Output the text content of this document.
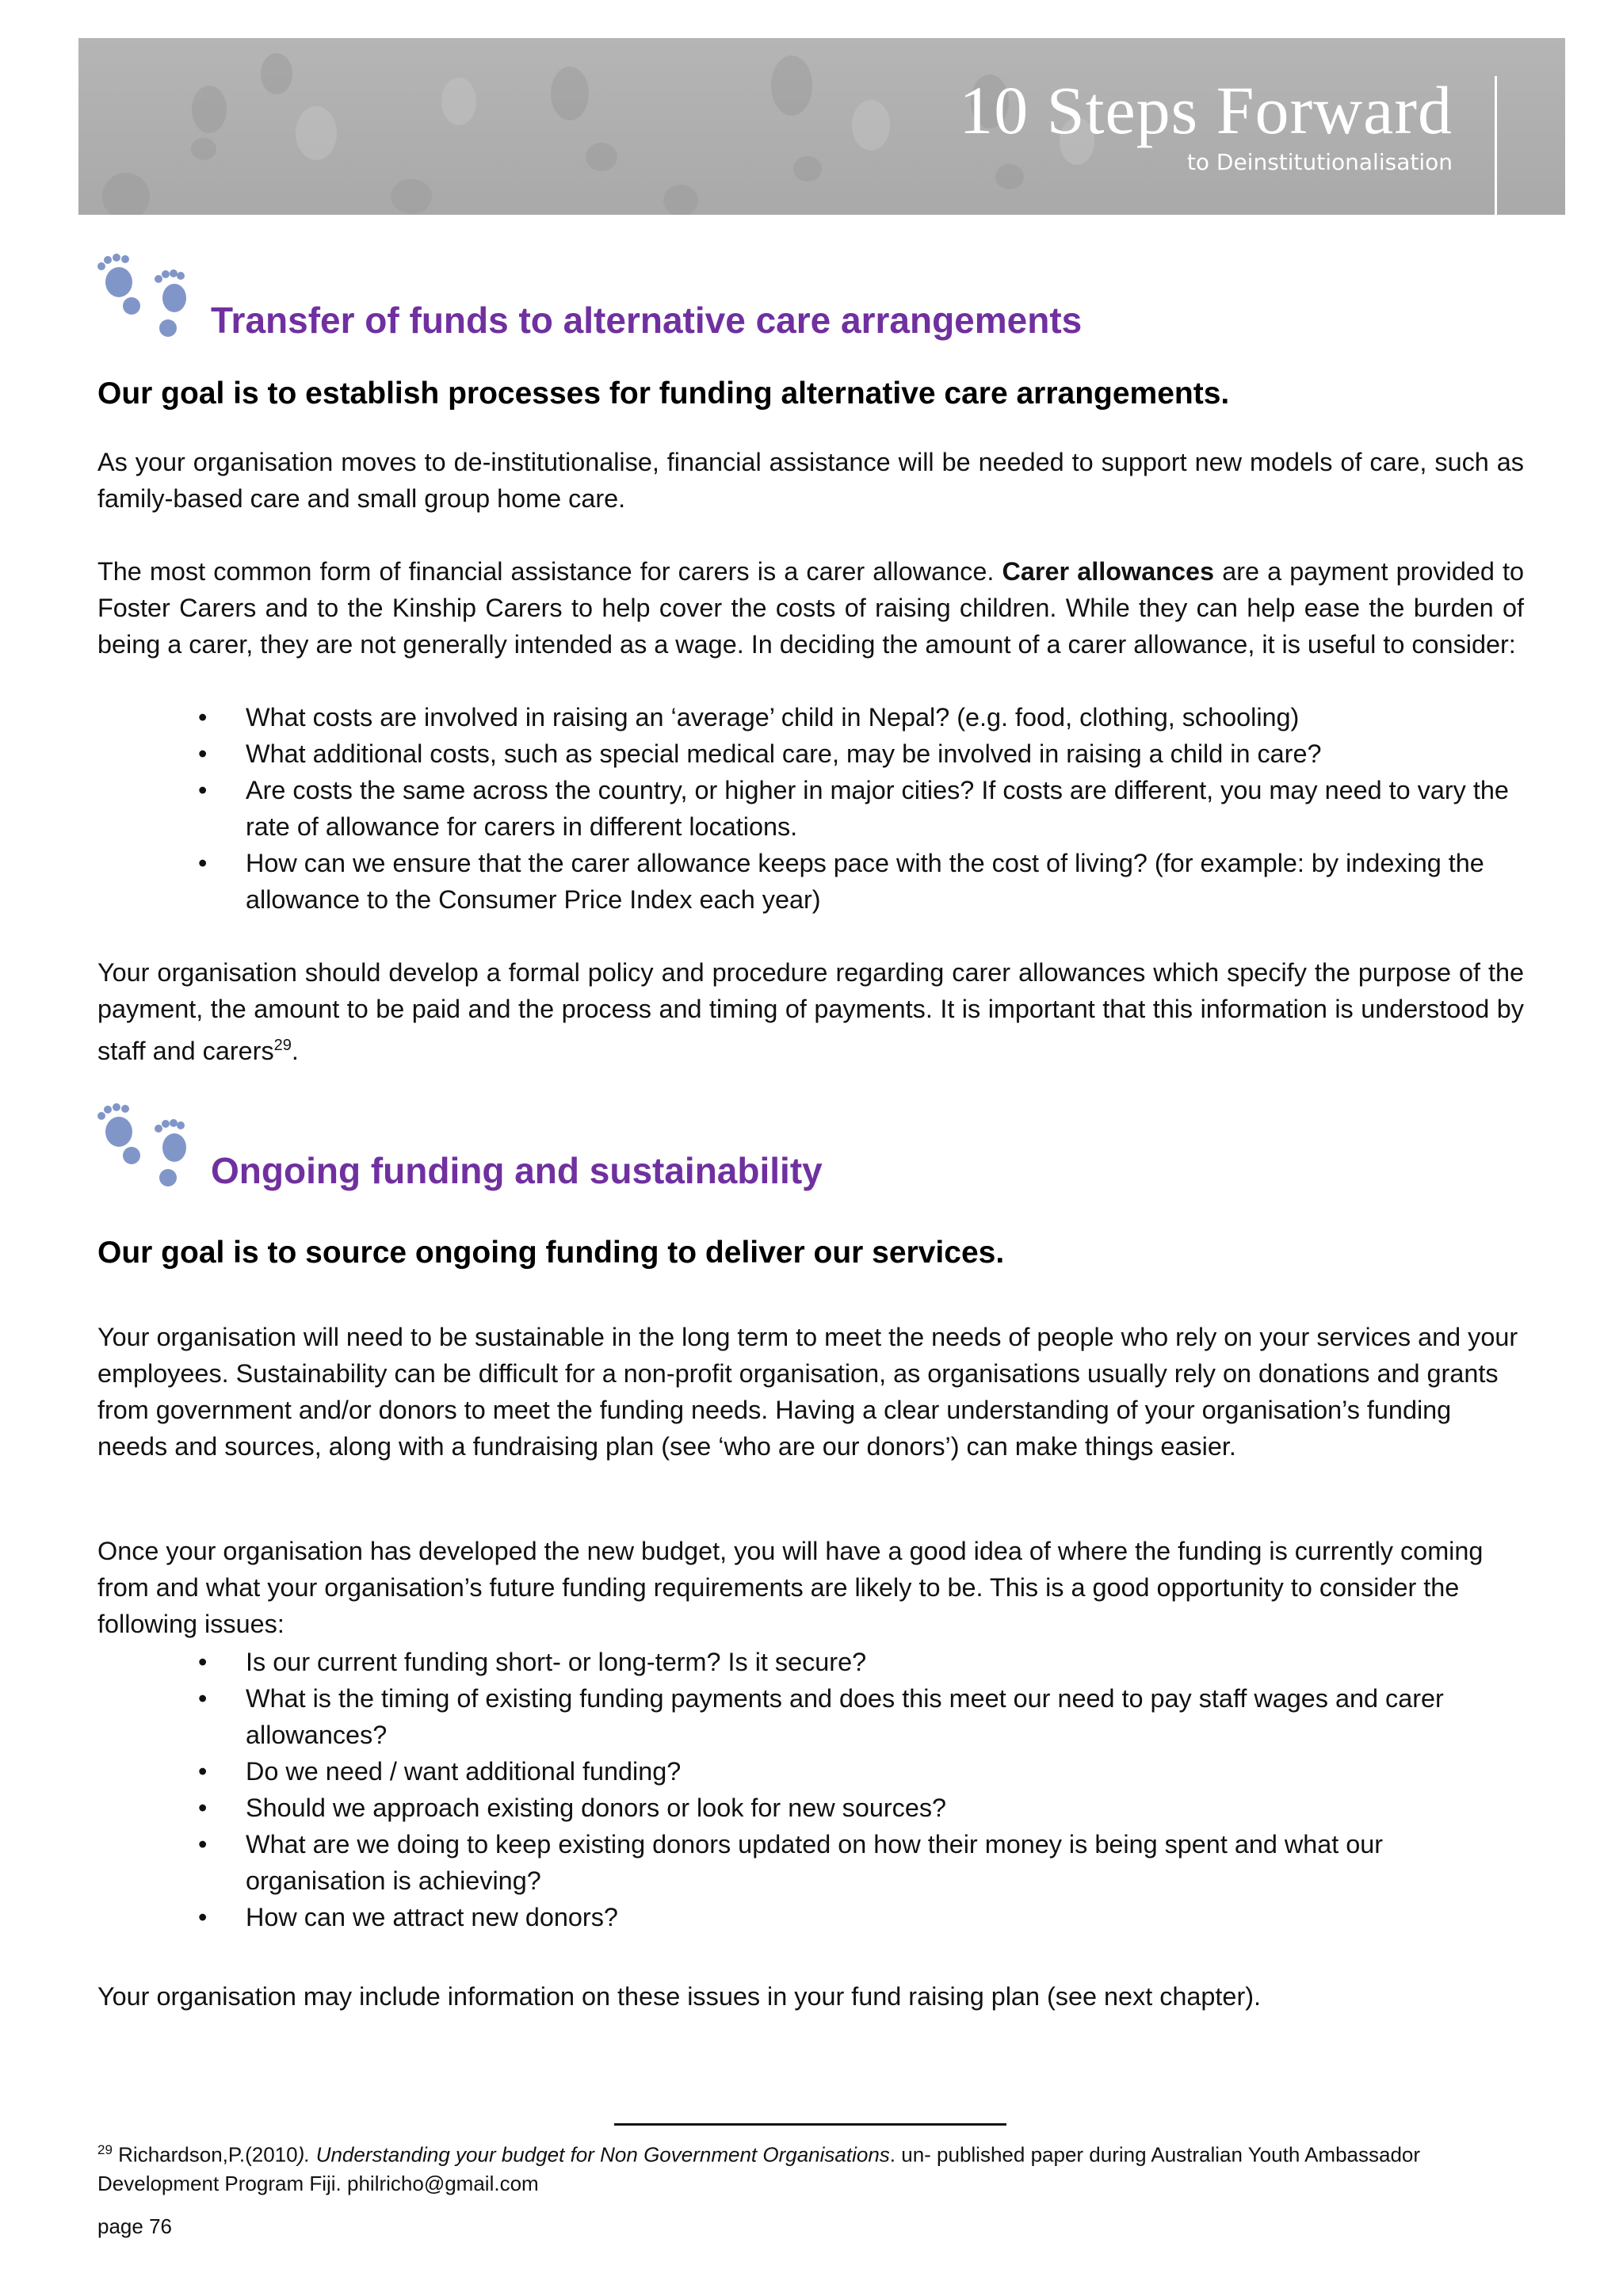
10 Steps Forward
to Deinstitutionalisation
Transfer of funds to alternative care arrangements
Our goal is to establish processes for funding alternative care arrangements.

As your organisation moves to de-institutionalise, financial assistance will be needed to support new models of care, such as family-based care and small group home care.

The most common form of financial assistance for carers is a carer allowance. Carer allowances are a payment provided to Foster Carers and to the Kinship Carers to help cover the costs of raising children. While they can help ease the burden of being a carer, they are not generally intended as a wage. In deciding the amount of a carer allowance, it is useful to consider:

•	What costs are involved in raising an ‘average’ child in Nepal? (e.g. food, clothing, schooling)
•	What additional costs, such as special medical care, may be involved in raising a child in care?
•	Are costs the same across the country, or higher in major cities? If costs are different, you may need to vary the rate of allowance for carers in different locations.
•	How can we ensure that the carer allowance keeps pace with the cost of living? (for example: by indexing the allowance to the Consumer Price Index each year)

Your organisation should develop a formal policy and procedure regarding carer allowances which specify the purpose of the payment, the amount to be paid and the process and timing of payments. It is important that this information is understood by staff and carers$^{29}$.

Ongoing funding and sustainability
Our goal is to source ongoing funding to deliver our services.

Your organisation will need to be sustainable in the long term to meet the needs of people who rely on your services and your employees. Sustainability can be difficult for a non-profit organisation, as organisations usually rely on donations and grants from government and/or donors to meet the funding needs. Having a clear understanding of your organisation’s funding needs and sources, along with a fundraising plan (see ‘who are our donors’) can make things easier.

Once your organisation has developed the new budget, you will have a good idea of where the funding is currently coming from and what your organisation’s future funding requirements are likely to be. This is a good opportunity to consider the following issues:

•	Is our current funding short- or long-term? Is it secure?
•	What is the timing of existing funding payments and does this meet our need to pay staff wages and carer allowances?
•	Do we need / want additional funding?
•	Should we approach existing donors or look for new sources?
•	What are we doing to keep existing donors updated on how their money is being spent and what our organisation is achieving?
•	How can we attract new donors?

Your organisation may include information on these issues in your fund raising plan (see next chapter).

$^{29}$ Richardson,P.(2010). Understanding your budget for Non Government Organisations. un- published paper during Australian Youth Ambassador Development Program Fiji. philricho@gmail.com

page 76
